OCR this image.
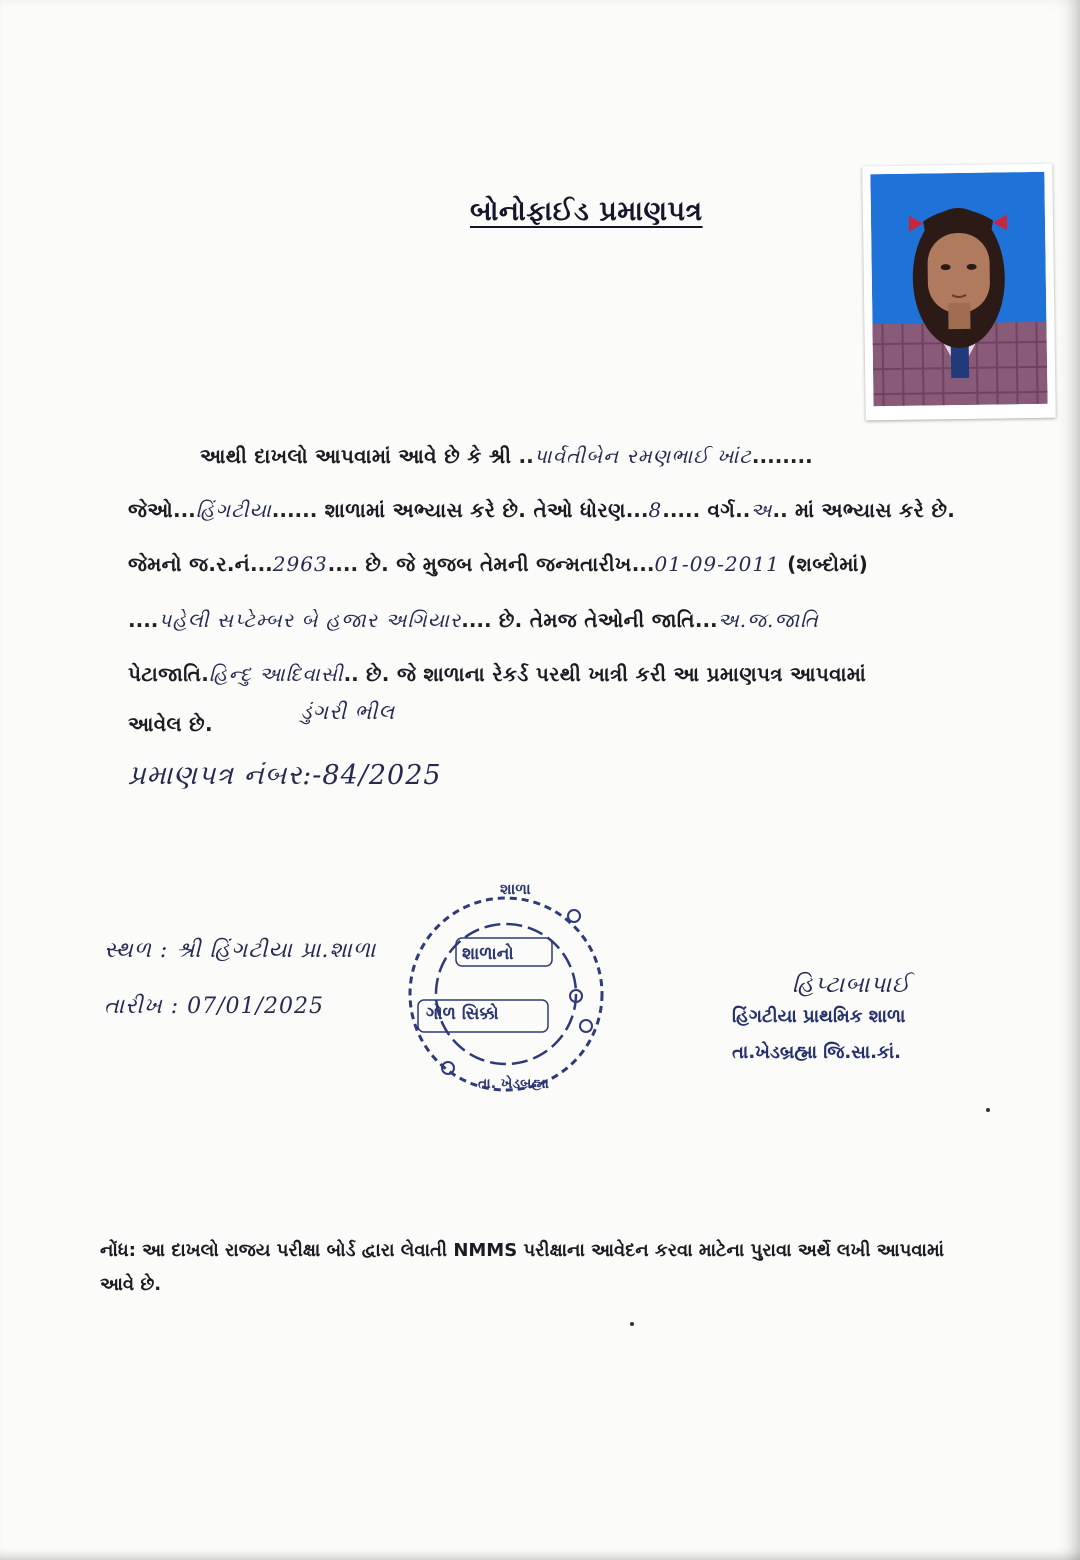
બોનોફાઈડ પ્રમાણપત્ર
આથી દાખલો આપવામાં આવે છે કે શ્રી ..પાર્વતીબેન રમણભાઈ ખાંટ........
જેઓ...હિંગટીયા...... શાળામાં અભ્યાસ કરે છે. તેઓ ધોરણ...8..... વર્ગ..અ.. માં અભ્યાસ કરે છે.
જેમનો જ.ર.નં...2963.... છે. જે મુજબ તેમની જન્મતારીખ...01-09-2011 (શબ્દોમાં)
....પહેલી સપ્ટેમ્બર બે હજાર અગિયાર.... છે. તેમજ તેઓની જાતિ...અ.જ.જાતિ
પેટાજાતિ.હિન્દુ આદિવાસી.. છે. જે શાળાના રેકર્ડ પરથી ખાત્રી કરી આ પ્રમાણપત્ર આપવામાં
આવેલ છે.	ડુંગરી ભીલ
પ્રમાણપત્ર નંબર:-84/2025
સ્થળ : શ્રી હિંગટીયા પ્રા.શાળા
તારીખ : 07/01/2025
શાળા
શાળાનો
ગોળ સિક્કો
તા. ખેડબ્રહ્મા
હિપ્ટાબાપાઈ
હિંગટીયા પ્રાથમિક શાળા
તા.ખેડબ્રહ્મા જિ.સા.કાં.
નોંધ: આ દાખલો રાજય પરીક્ષા બોર્ડ દ્વારા લેવાતી NMMS પરીક્ષાના આવેદન કરવા માટેના પુરાવા અર્થે લખી આપવામાં આવે છે.
